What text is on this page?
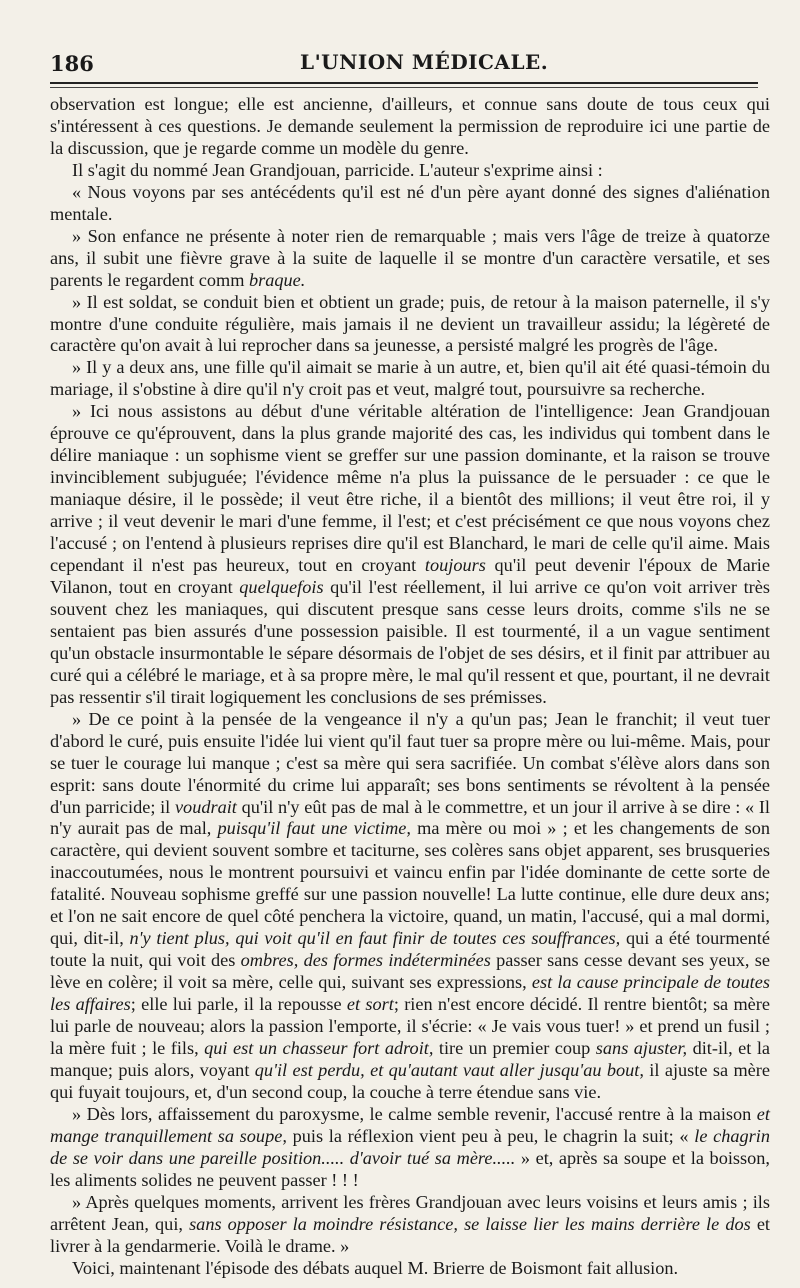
186	L'UNION MÉDICALE.

observation est longue; elle est ancienne, d'ailleurs, et connue sans doute de tous ceux qui s'intéressent à ces questions. Je demande seulement la permission de reproduire ici une partie de la discussion, que je regarde comme un modèle du genre.

Il s'agit du nommé Jean Grandjouan, parricide. L'auteur s'exprime ainsi :

« Nous voyons par ses antécédents qu'il est né d'un père ayant donné des signes d'aliénation mentale.

» Son enfance ne présente à noter rien de remarquable ; mais vers l'âge de treize à quatorze ans, il subit une fièvre grave à la suite de laquelle il se montre d'un caractère versatile, et ses parents le regardent comm braque.

» Il est soldat, se conduit bien et obtient un grade; puis, de retour à la maison paternelle, il s'y montre d'une conduite régulière, mais jamais il ne devient un travailleur assidu; la légèreté de caractère qu'on avait à lui reprocher dans sa jeunesse, a persisté malgré les progrès de l'âge.

» Il y a deux ans, une fille qu'il aimait se marie à un autre, et, bien qu'il ait été quasi-témoin du mariage, il s'obstine à dire qu'il n'y croit pas et veut, malgré tout, poursuivre sa recherche.

» Ici nous assistons au début d'une véritable altération de l'intelligence: Jean Grandjouan éprouve ce qu'éprouvent, dans la plus grande majorité des cas, les individus qui tombent dans le délire maniaque : un sophisme vient se greffer sur une passion dominante, et la raison se trouve invinciblement subjuguée; l'évidence même n'a plus la puissance de le persuader : ce que le maniaque désire, il le possède; il veut être riche, il a bientôt des millions; il veut être roi, il y arrive ; il veut devenir le mari d'une femme, il l'est; et c'est précisément ce que nous voyons chez l'accusé ; on l'entend à plusieurs reprises dire qu'il est Blanchard, le mari de celle qu'il aime. Mais cependant il n'est pas heureux, tout en croyant toujours qu'il peut devenir l'époux de Marie Vilanon, tout en croyant quelquefois qu'il l'est réellement, il lui arrive ce qu'on voit arriver très souvent chez les maniaques, qui discutent presque sans cesse leurs droits, comme s'ils ne se sentaient pas bien assurés d'une possession paisible. Il est tourmenté, il a un vague sentiment qu'un obstacle insurmontable le sépare désormais de l'objet de ses désirs, et il finit par attribuer au curé qui a célébré le mariage, et à sa propre mère, le mal qu'il ressent et que, pourtant, il ne devrait pas ressentir s'il tirait logiquement les conclusions de ses prémisses.

» De ce point à la pensée de la vengeance il n'y a qu'un pas; Jean le franchit; il veut tuer d'abord le curé, puis ensuite l'idée lui vient qu'il faut tuer sa propre mère ou lui-même. Mais, pour se tuer le courage lui manque ; c'est sa mère qui sera sacrifiée. Un combat s'élève alors dans son esprit: sans doute l'énormité du crime lui apparaît; ses bons sentiments se révoltent à la pensée d'un parricide; il voudrait qu'il n'y eût pas de mal à le commettre, et un jour il arrive à se dire : « Il n'y aurait pas de mal, puisqu'il faut une victime, ma mère ou moi » ; et les changements de son caractère, qui devient souvent sombre et taciturne, ses colères sans objet apparent, ses brusqueries inaccoutumées, nous le montrent poursuivi et vaincu enfin par l'idée dominante de cette sorte de fatalité. Nouveau sophisme greffé sur une passion nouvelle! La lutte continue, elle dure deux ans; et l'on ne sait encore de quel côté penchera la victoire, quand, un matin, l'accusé, qui a mal dormi, qui, dit-il, n'y tient plus, qui voit qu'il en faut finir de toutes ces souffrances, qui a été tourmenté toute la nuit, qui voit des ombres, des formes indéterminées passer sans cesse devant ses yeux, se lève en colère; il voit sa mère, celle qui, suivant ses expressions, est la cause principale de toutes les affaires; elle lui parle, il la repousse et sort; rien n'est encore décidé. Il rentre bientôt; sa mère lui parle de nouveau; alors la passion l'emporte, il s'écrie: « Je vais vous tuer! » et prend un fusil ; la mère fuit ; le fils, qui est un chasseur fort adroit, tire un premier coup sans ajuster, dit-il, et la manque; puis alors, voyant qu'il est perdu, et qu'autant vaut aller jusqu'au bout, il ajuste sa mère qui fuyait toujours, et, d'un second coup, la couche à terre étendue sans vie.

» Dès lors, affaissement du paroxysme, le calme semble revenir, l'accusé rentre à la maison et mange tranquillement sa soupe, puis la réflexion vient peu à peu, le chagrin la suit; « le chagrin de se voir dans une pareille position..... d'avoir tué sa mère..... » et, après sa soupe et la boisson, les aliments solides ne peuvent passer ! ! !

» Après quelques moments, arrivent les frères Grandjouan avec leurs voisins et leurs amis ; ils arrêtent Jean, qui, sans opposer la moindre résistance, se laisse lier les mains derrière le dos et livrer à la gendarmerie. Voilà le drame. »

Voici, maintenant l'épisode des débats auquel M. Brierre de Boismont fait allusion.
